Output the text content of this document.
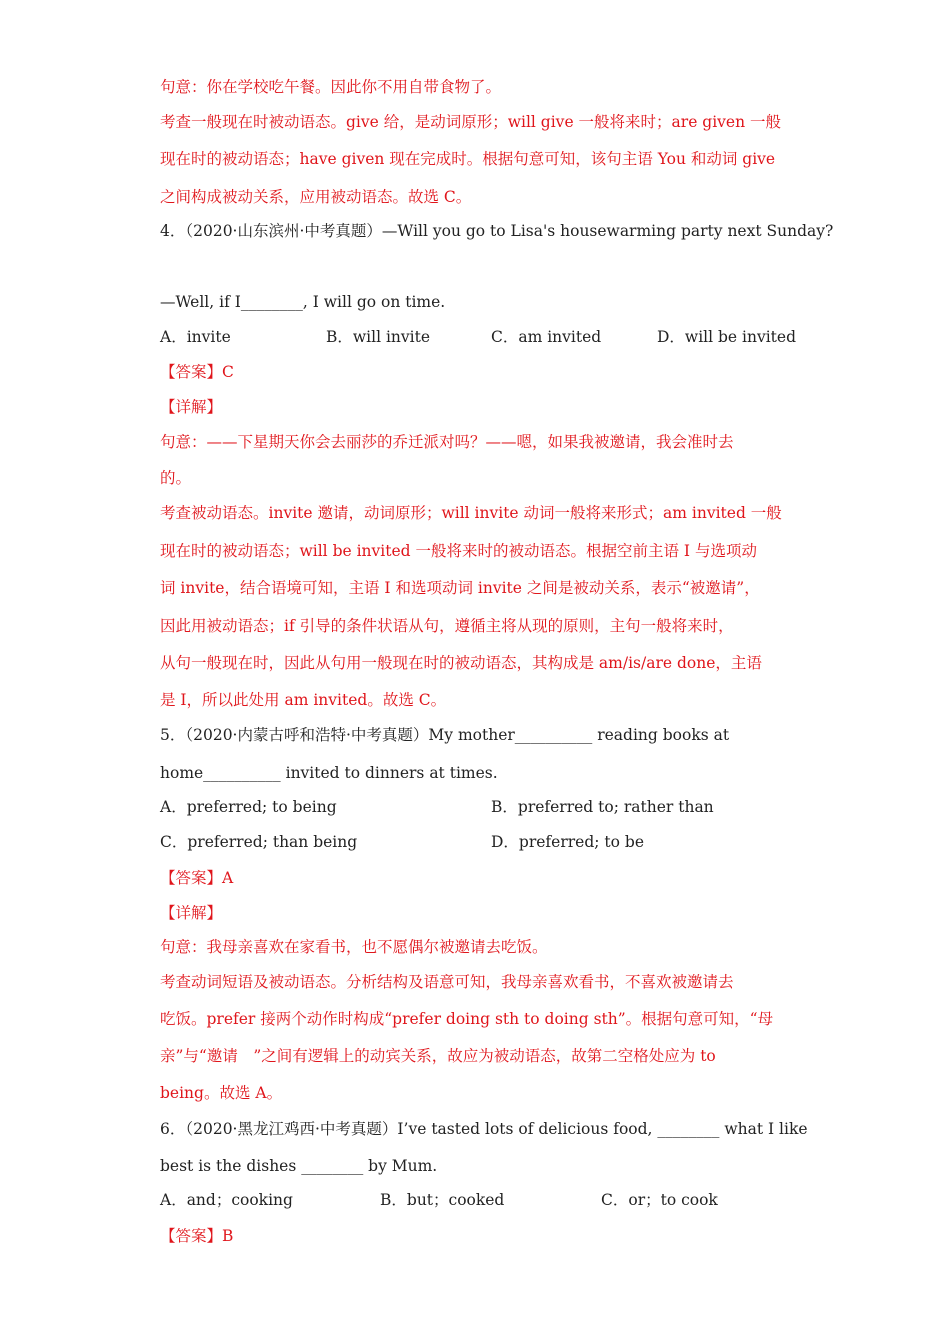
句意：你在学校吃午餐。因此你不用自带食物了。
考查一般现在时被动语态。give 给，是动词原形；will give 一般将来时；are given 一般
现在时的被动语态；have given 现在完成时。根据句意可知，该句主语 You 和动词 give
之间构成被动关系，应用被动语态。故选 C。
4．（2020·山东滨州·中考真题）—Will you go to Lisa's housewarming party next Sunday?
—Well, if I________, I will go on time.
A．invite	B．will invite	C．am invited	D．will be invited
【答案】C
【详解】
句意：——下星期天你会去丽莎的乔迁派对吗？——嗯，如果我被邀请，我会准时去
的。
考查被动语态。invite 邀请，动词原形；will invite 动词一般将来形式；am invited 一般
现在时的被动语态；will be invited 一般将来时的被动语态。根据空前主语 I 与选项动
词 invite，结合语境可知，主语 I 和选项动词 invite 之间是被动关系，表示“被邀请”，
因此用被动语态；if 引导的条件状语从句，遵循主将从现的原则，主句一般将来时，
从句一般现在时，因此从句用一般现在时的被动语态，其构成是 am/is/are done，主语
是 I，所以此处用 am invited。故选 C。
5．（2020·内蒙古呼和浩特·中考真题）My mother__________ reading books at
home__________ invited to dinners at times.
A．preferred; to being	B．preferred to; rather than
C．preferred; than being	D．preferred; to be
【答案】A
【详解】
句意：我母亲喜欢在家看书，也不愿偶尔被邀请去吃饭。
考查动词短语及被动语态。分析结构及语意可知，我母亲喜欢看书，不喜欢被邀请去
吃饭。prefer 接两个动作时构成“prefer doing sth to doing sth”。根据句意可知，“母
亲”与“邀请　”之间有逻辑上的动宾关系，故应为被动语态，故第二空格处应为 to
being。故选 A。
6．（2020·黑龙江鸡西·中考真题）I’ve tasted lots of delicious food, ________ what I like
best is the dishes ________ by Mum.
A．and；cooking	B．but；cooked	C．or；to cook
【答案】B
